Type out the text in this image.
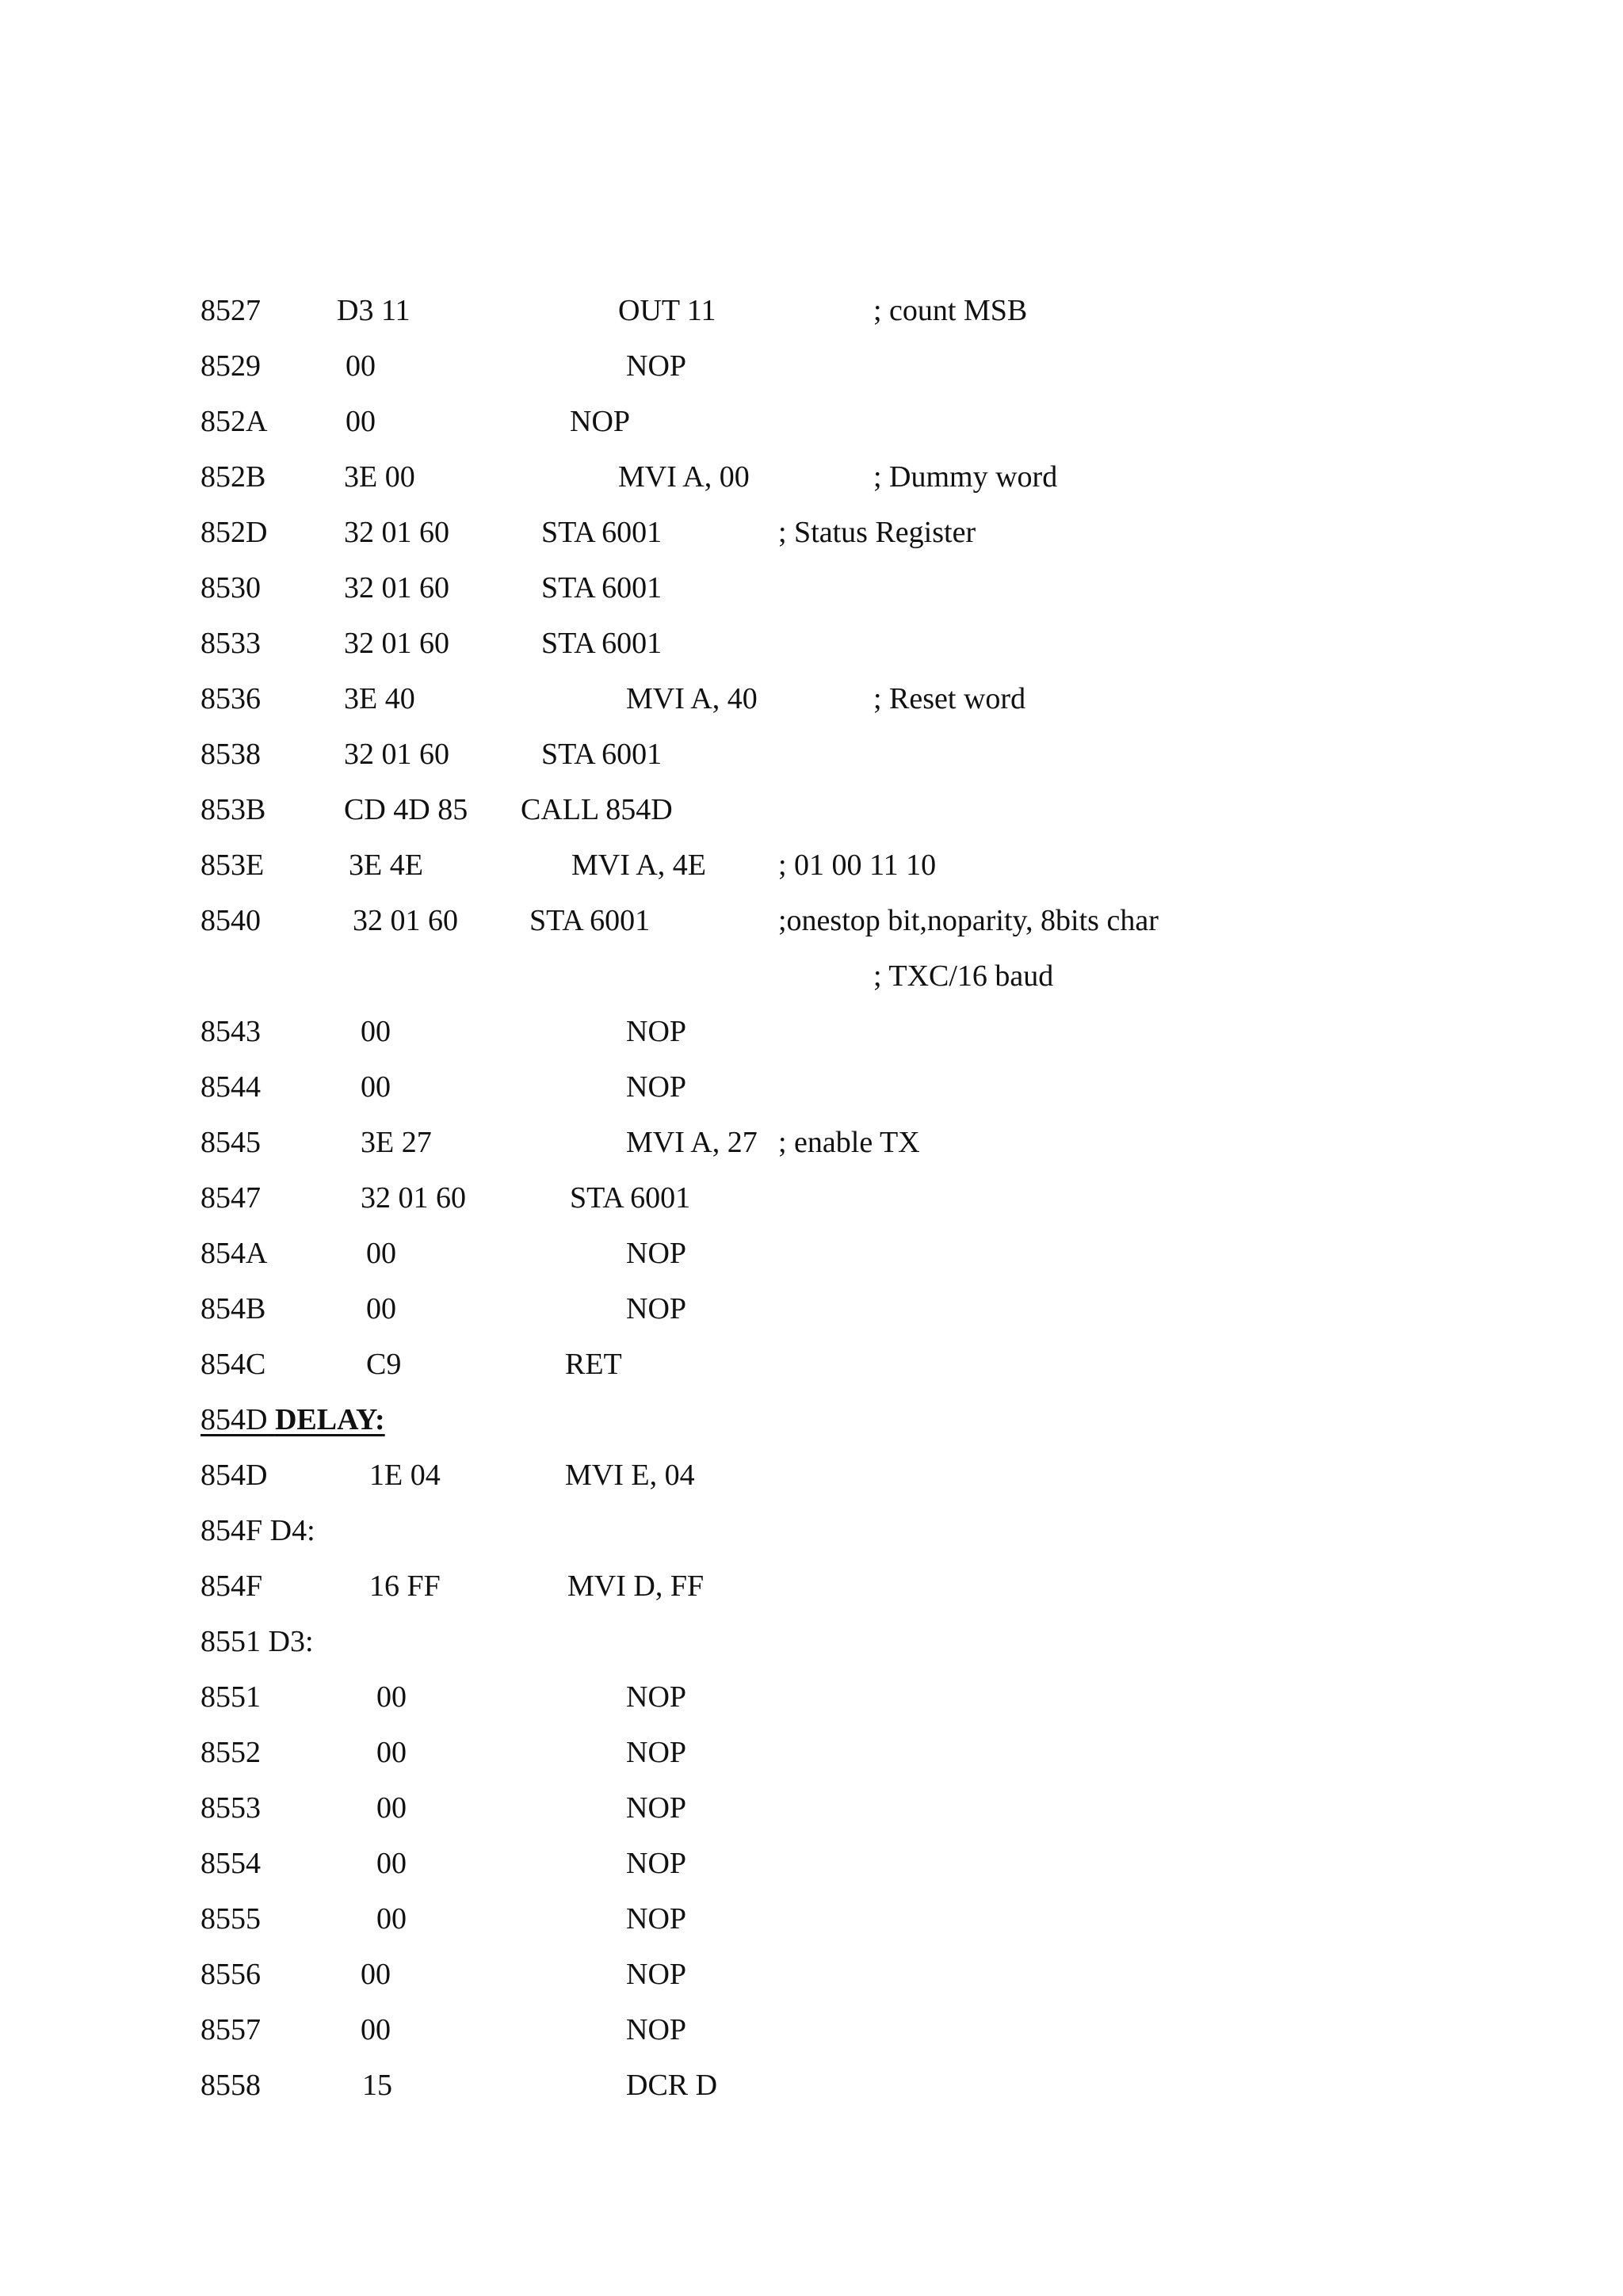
8527	D3 11	OUT 11	; count MSB
8529	00	NOP
852A	00	NOP
852B	3E 00	MVI A, 00	; Dummy word
852D	32 01 60	STA 6001	; Status Register
8530	32 01 60	STA 6001
8533	32 01 60	STA 6001
8536	3E 40	MVI A, 40	; Reset word
8538	32 01 60	STA 6001
853B	CD 4D 85 CALL 854D
853E	3E 4E	MVI A, 4E ; 01 00 11 10
8540	32 01 60 STA 6001	;onestop bit,noparity, 8bits char
; TXC/16 baud
8543	00	NOP
8544	00	NOP
8545	3E 27	MVI A, 27 ; enable TX
8547	32 01 60	STA 6001
854A	00	NOP
854B	00	NOP
854C	C9	RET
854D DELAY:
854D	1E 04	MVI E, 04
854F D4:
854F	16 FF	MVI D, FF
8551 D3:
8551	00	NOP
8552	00	NOP
8553	00	NOP
8554	00	NOP
8555	00	NOP
8556	00	NOP
8557	00	NOP
8558	15	DCR D
